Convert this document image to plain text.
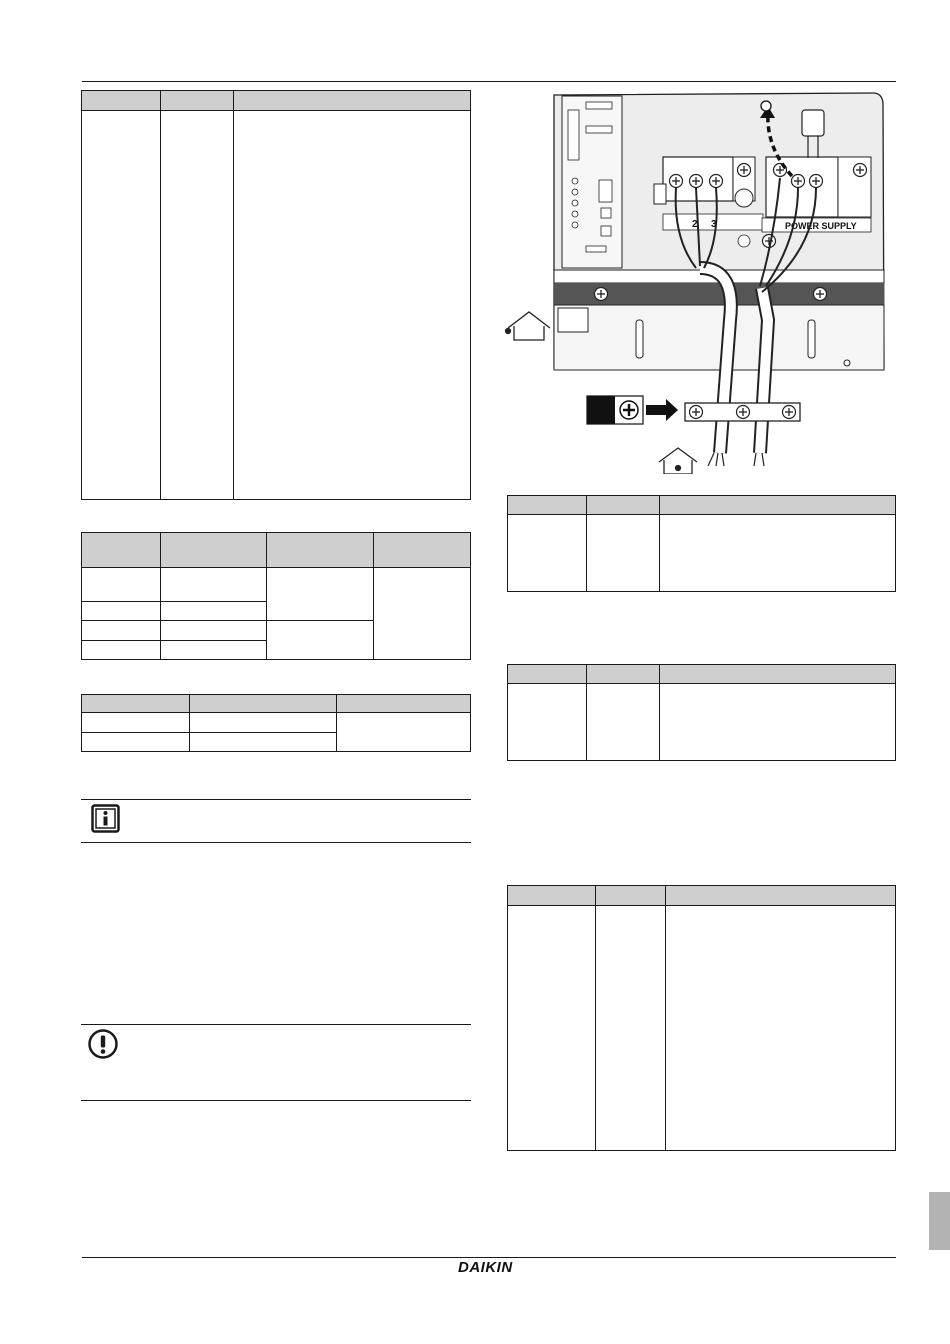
2 3	POWER SUPPLY

DAIKIN
